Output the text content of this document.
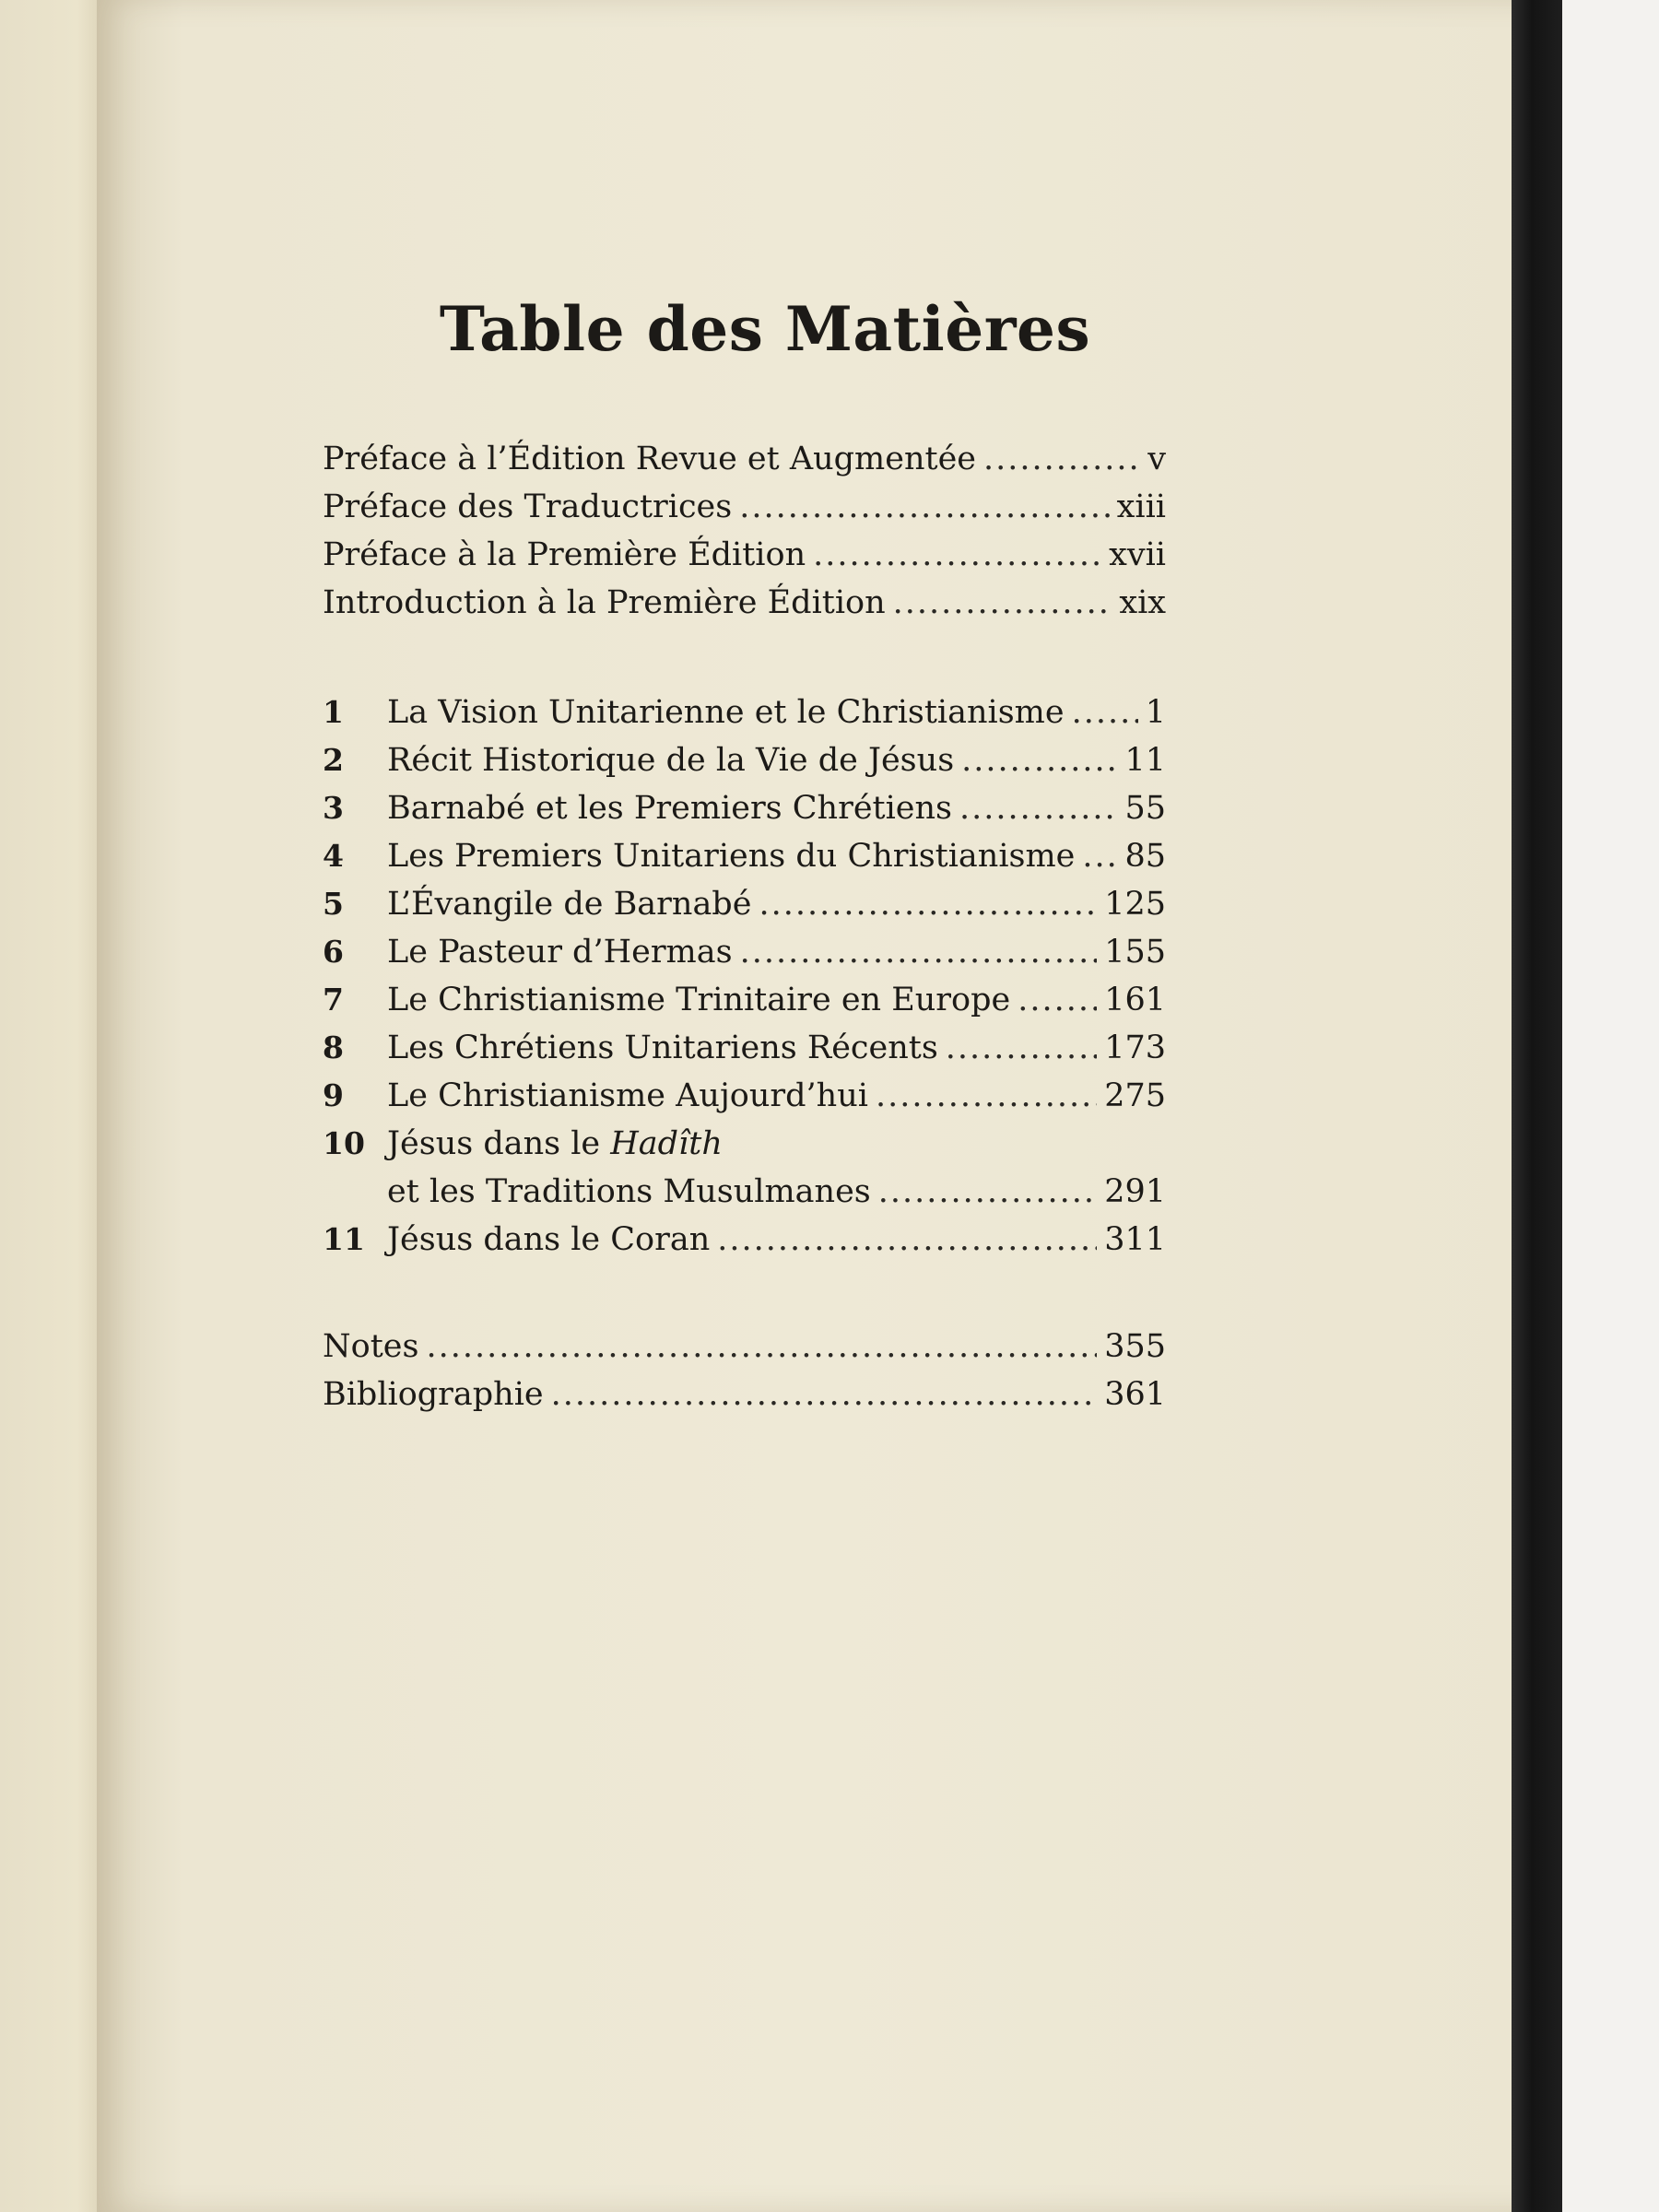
Table des Matières
Préface à l’Édition Revue et Augmentée .....	v
Préface des Traductrices .....	xiii
Préface à la Première Édition .....	xvii
Introduction à la Première Édition .....	xix
1	La Vision Unitarienne et le Christianisme .....	1
2	Récit Historique de la Vie de Jésus .....	11
3	Barnabé et les Premiers Chrétiens .....	55
4	Les Premiers Unitariens du Christianisme ..... 85
5	L’Évangile de Barnabé .....	125
6	Le Pasteur d’Hermas .....	155
7	Le Christianisme Trinitaire en Europe .....	161
8	Les Chrétiens Unitariens Récents .....	173
9	Le Christianisme Aujourd’hui .....	275
10 Jésus dans le Hadîth
et les Traditions Musulmanes .....	291
11 Jésus dans le Coran .....	311
Notes .....	355
Bibliographie .....	361
